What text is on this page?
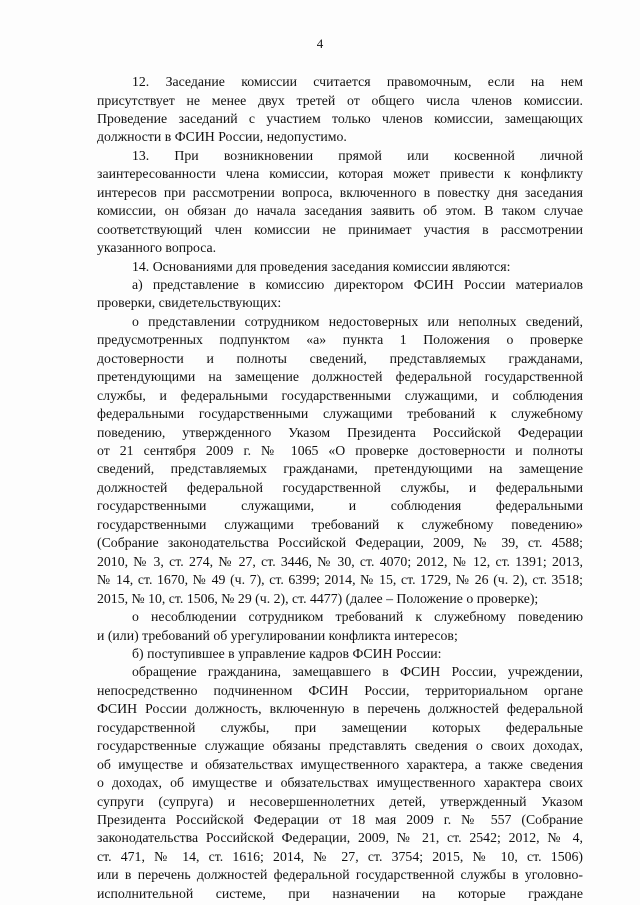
4
12. Заседание комиссии считается правомочным, если на нем
присутствует не менее двух третей от общего числа членов комиссии.
Проведение заседаний с участием только членов комиссии, замещающих
должности в ФСИН России, недопустимо.
13. При возникновении прямой или косвенной личной
заинтересованности члена комиссии, которая может привести к конфликту
интересов при рассмотрении вопроса, включенного в повестку дня заседания
комиссии, он обязан до начала заседания заявить об этом. В таком случае
соответствующий член комиссии не принимает участия в рассмотрении
указанного вопроса.
14. Основаниями для проведения заседания комиссии являются:
а) представление в комиссию директором ФСИН России материалов
проверки, свидетельствующих:
о представлении сотрудником недостоверных или неполных сведений,
предусмотренных подпунктом «а» пункта 1 Положения о проверке
достоверности и полноты сведений, представляемых гражданами,
претендующими на замещение должностей федеральной государственной
службы, и федеральными государственными служащими, и соблюдения
федеральными государственными служащими требований к служебному
поведению, утвержденного Указом Президента Российской Федерации
от 21 сентября 2009 г. № 1065 «О проверке достоверности и полноты
сведений, представляемых гражданами, претендующими на замещение
должностей федеральной государственной службы, и федеральными
государственными служащими, и соблюдения федеральными
государственными служащими требований к служебному поведению»
(Собрание законодательства Российской Федерации, 2009, № 39, ст. 4588;
2010, № 3, ст. 274, № 27, ст. 3446, № 30, ст. 4070; 2012, № 12, ст. 1391; 2013,
№ 14, ст. 1670, № 49 (ч. 7), ст. 6399; 2014, № 15, ст. 1729, № 26 (ч. 2), ст. 3518;
2015, № 10, ст. 1506, № 29 (ч. 2), ст. 4477) (далее – Положение о проверке);
о несоблюдении сотрудником требований к служебному поведению
и (или) требований об урегулировании конфликта интересов;
б) поступившее в управление кадров ФСИН России:
обращение гражданина, замещавшего в ФСИН России, учреждении,
непосредственно подчиненном ФСИН России, территориальном органе
ФСИН России должность, включенную в перечень должностей федеральной
государственной службы, при замещении которых федеральные
государственные служащие обязаны представлять сведения о своих доходах,
об имуществе и обязательствах имущественного характера, а также сведения
о доходах, об имуществе и обязательствах имущественного характера своих
супруги (супруга) и несовершеннолетних детей, утвержденный Указом
Президента Российской Федерации от 18 мая 2009 г. № 557 (Собрание
законодательства Российской Федерации, 2009, № 21, ст. 2542; 2012, № 4,
ст. 471, № 14, ст. 1616; 2014, № 27, ст. 3754; 2015, № 10, ст. 1506)
или в перечень должностей федеральной государственной службы в уголовно-
исполнительной системе, при назначении на которые граждане
